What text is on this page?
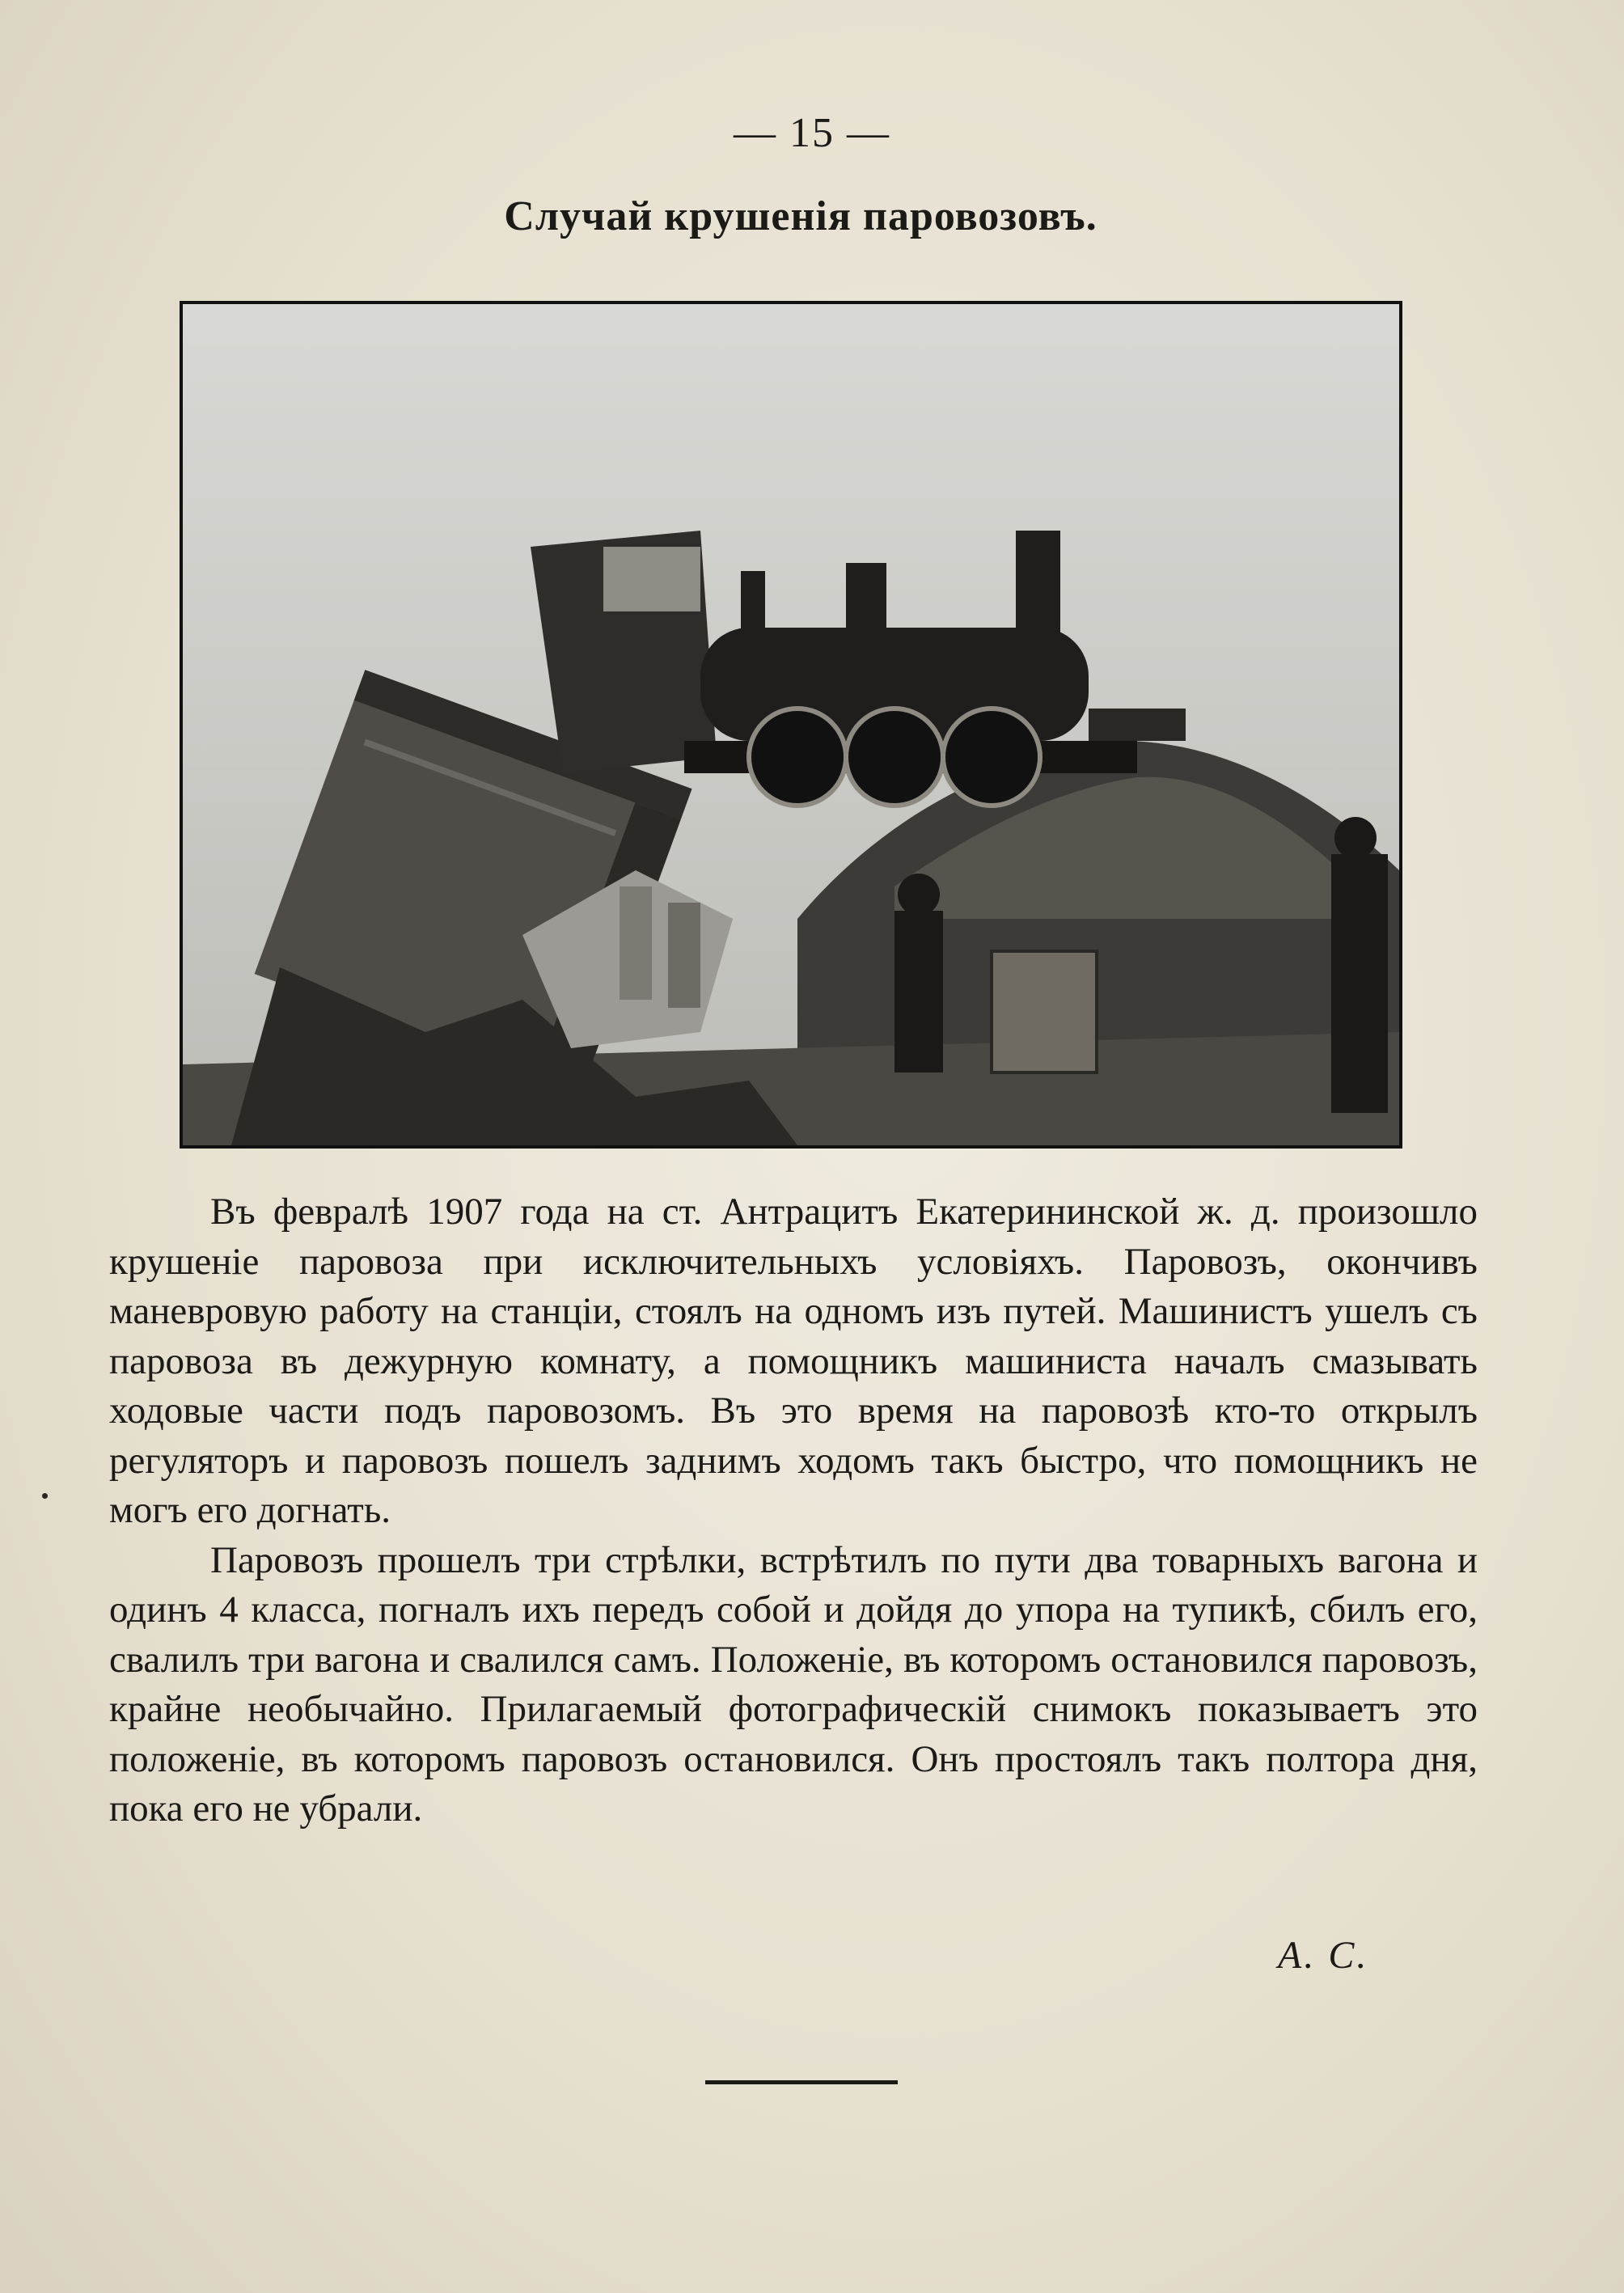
— 15 —
Случай крушенія паровозовъ.

Въ февралѣ 1907 года на ст. Антрацитъ Екатерининской ж. д. произошло крушеніе паровоза при исключительныхъ условіяхъ. Паровозъ, окончивъ маневровую работу на станціи, стоялъ на одномъ изъ путей. Машинистъ ушелъ съ паровоза въ дежурную комнату, а помощникъ машиниста началъ смазывать ходовые части подъ паровозомъ. Въ это время на паровозѣ кто-то открылъ регуляторъ и паровозъ пошелъ заднимъ ходомъ такъ быстро, что помощникъ не могъ его догнать.

Паровозъ прошелъ три стрѣлки, встрѣтилъ по пути два товарныхъ вагона и одинъ 4 класса, погналъ ихъ передъ собой и дойдя до упора на тупикѣ, сбилъ его, свалилъ три вагона и свалился самъ. Положеніе, въ которомъ остановился паровозъ, крайне необычайно. Прилагаемый фотографическій снимокъ показываетъ это положеніе, въ которомъ паровозъ остановился. Онъ простоялъ такъ полтора дня, пока его не убрали.

А. С.
